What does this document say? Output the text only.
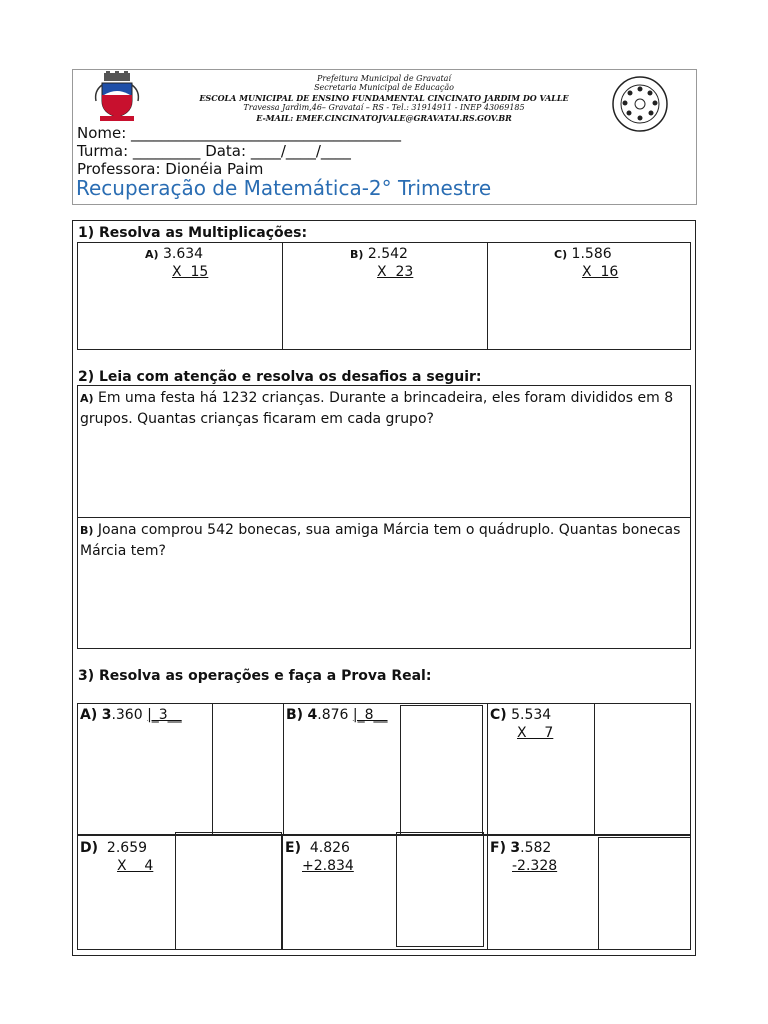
Prefeitura Municipal de Gravataí
Secretaria Municipal de Educação
ESCOLA MUNICIPAL DE ENSINO FUNDAMENTAL CINCINATO JARDIM DO VALLE
Travessa Jardim,46– Gravataí – RS - Tel.: 31914911 - INEP 43069185
E-MAIL: EMEF.CINCINATOJVALE@GRAVATAI.RS.GOV.BR
Nome: ____________________________________
Turma: _________ Data: ____/____/____
Professora: Dionéia Paim
Recuperação de Matemática-2° Trimestre
1) Resolva as Multiplicações:
A) 3.634
X  15
B) 2.542
X  23
C) 1.586
X  16
2) Leia com atenção e resolva os desafios a seguir:
A) Em uma festa há 1232 crianças. Durante a brincadeira, eles foram divididos em 8 grupos. Quantas crianças ficaram em cada grupo?
B) Joana comprou 542 bonecas, sua amiga Márcia tem o quádruplo. Quantas bonecas Márcia tem?
3) Resolva as operações e faça a Prova Real:
A) 3.360 |_3__	B) 4.876 |_8__	C) 5.534
X    7
D)  2.659
X    4
E)  4.826
+2.834
F) 3.582
-2.328
